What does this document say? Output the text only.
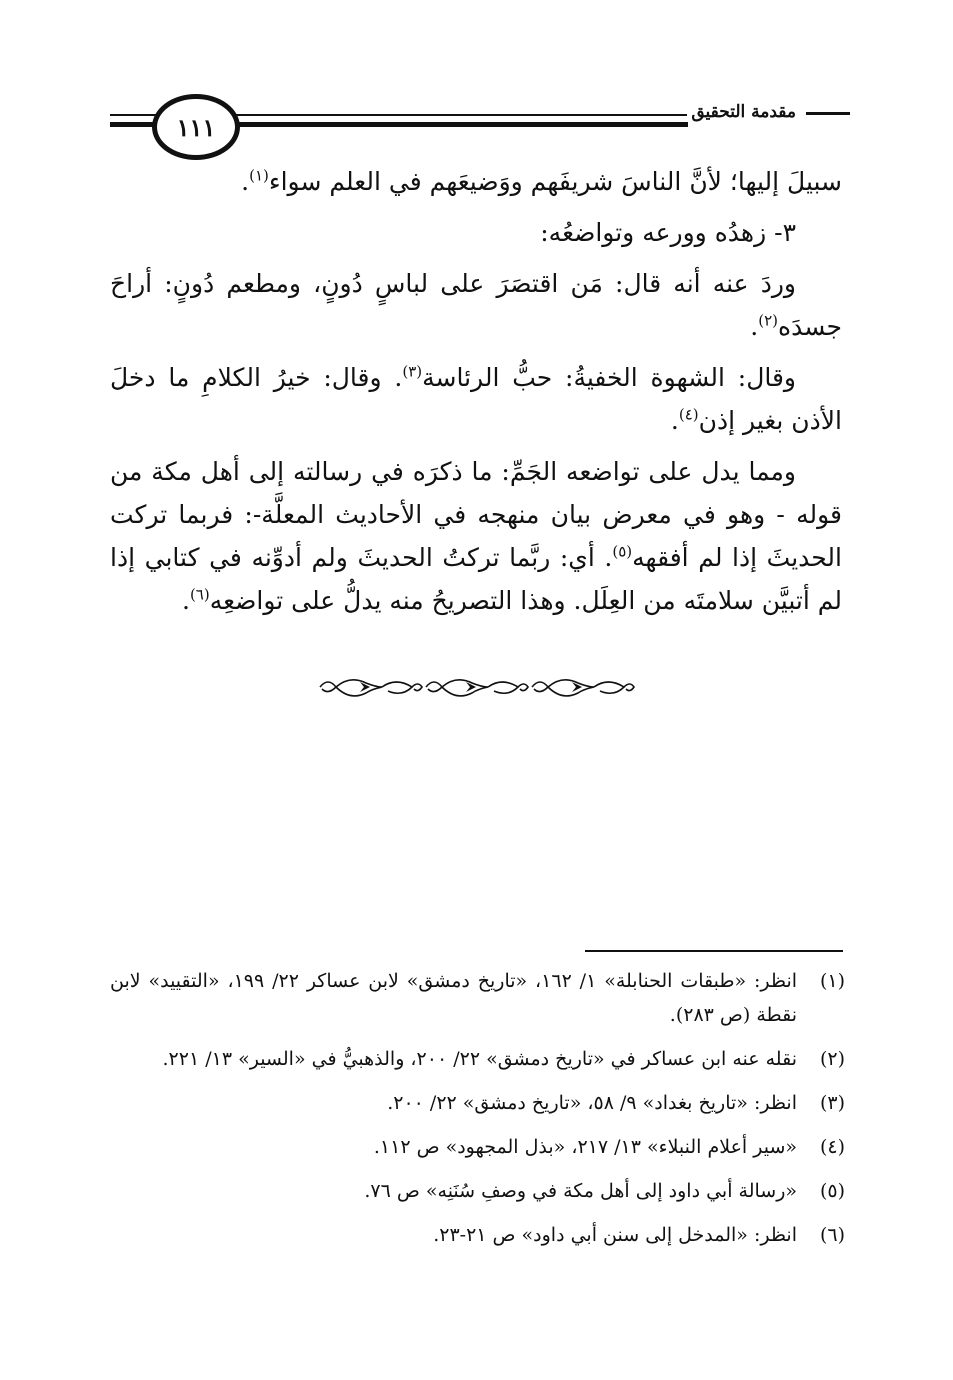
١١١
مقدمة التحقيق

سبيلَ إليها؛ لأنَّ الناسَ شريفَهم ووَضيعَهم في العلم سواء$^{(١)}$.

٣- زهدُه وورعه وتواضعُه:

وردَ عنه أنه قال: مَن اقتصَرَ على لباسٍ دُونٍ، ومطعم دُونٍ: أراحَ جسدَه$^{(٢)}$.

وقال: الشهوة الخفيةُ: حبُّ الرئاسة$^{(٣)}$. وقال: خيرُ الكلامِ ما دخلَ الأذن بغير إذن$^{(٤)}$.

ومما يدل على تواضعه الجَمِّ: ما ذكرَه في رسالته إلى أهل مكة من قوله - وهو في معرض بيان منهجه في الأحاديث المعلَّة-: فربما تركت الحديثَ إذا لم أفقهه$^{(٥)}$. أي: ربَّما تركتُ الحديثَ ولم أدوِّنه في كتابي إذا لم أتبيَّن سلامتَه من العِلَل. وهذا التصريحُ منه يدلُّ على تواضعِه$^{(٦)}$.

(١)
انظر: «طبقات الحنابلة» ١/ ١٦٢، «تاريخ دمشق» لابن عساكر ٢٢/ ١٩٩، «التقييد» لابن نقطة (ص ٢٨٣).
(٢)
نقله عنه ابن عساكر في «تاريخ دمشق» ٢٢/ ٢٠٠، والذهبيُّ في «السير» ١٣/ ٢٢١.
(٣)
انظر: «تاريخ بغداد» ٩/ ٥٨، «تاريخ دمشق» ٢٢/ ٢٠٠.
(٤)
«سير أعلام النبلاء» ١٣/ ٢١٧، «بذل المجهود» ص ١١٢.
(٥)
«رسالة أبي داود إلى أهل مكة في وصفِ سُنَنِه» ص ٧٦.
(٦)
انظر: «المدخل إلى سنن أبي داود» ص ٢١-٢٣.
